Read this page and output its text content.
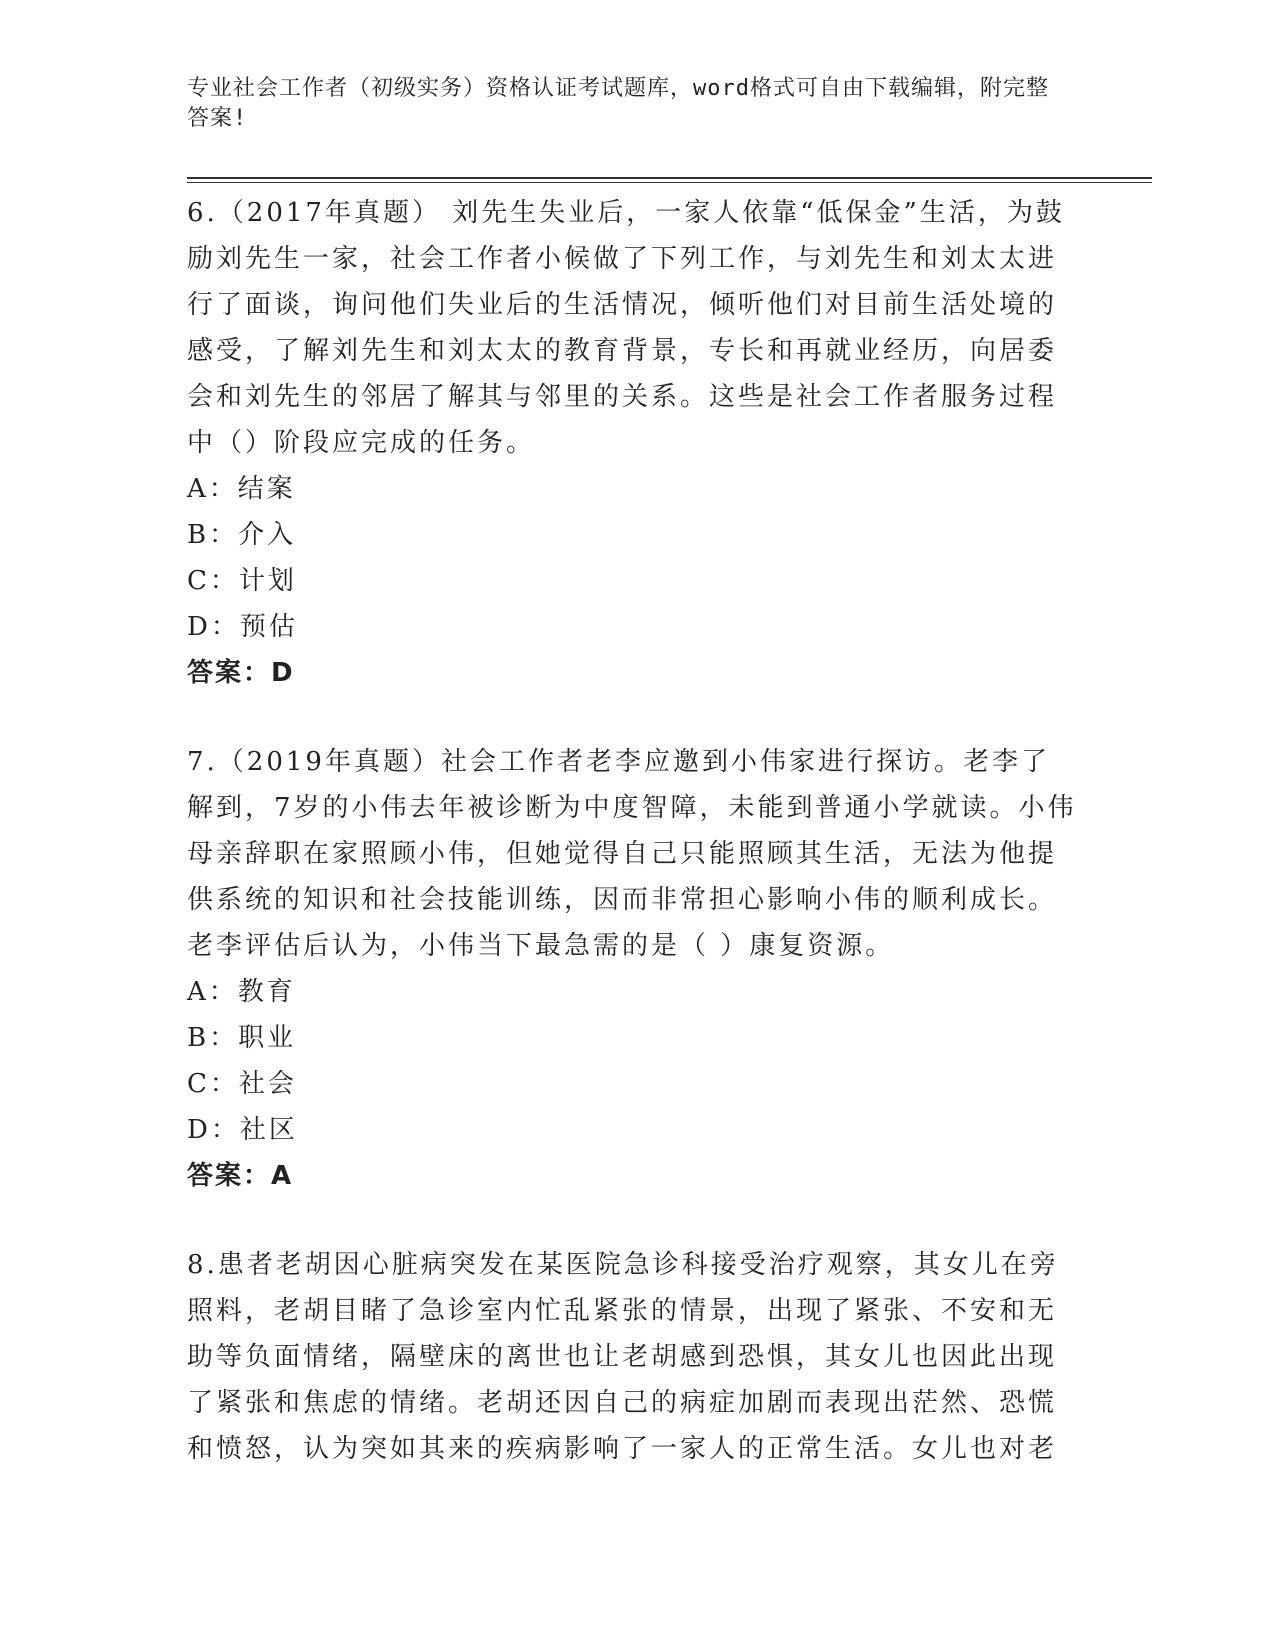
专业社会工作者（初级实务）资格认证考试题库，word格式可自由下载编辑，附完整答案!

6.（2017年真题） 刘先生失业后，一家人依靠“低保金”生活，为鼓励刘先生一家，社会工作者小候做了下列工作，与刘先生和刘太太进行了面谈，询问他们失业后的生活情况，倾听他们对目前生活处境的感受，了解刘先生和刘太太的教育背景，专长和再就业经历，向居委会和刘先生的邻居了解其与邻里的关系。这些是社会工作者服务过程中（）阶段应完成的任务。

A：结案

B：介入

C：计划

D：预估

答案：D

7.（2019年真题）社会工作者老李应邀到小伟家进行探访。老李了解到，7岁的小伟去年被诊断为中度智障，未能到普通小学就读。小伟母亲辞职在家照顾小伟，但她觉得自己只能照顾其生活，无法为他提供系统的知识和社会技能训练，因而非常担心影响小伟的顺利成长。老李评估后认为，小伟当下最急需的是（ ）康复资源。

A：教育

B：职业

C：社会

D：社区

答案：A

8.患者老胡因心脏病突发在某医院急诊科接受治疗观察，其女儿在旁照料，老胡目睹了急诊室内忙乱紧张的情景，出现了紧张、不安和无助等负面情绪，隔壁床的离世也让老胡感到恐惧，其女儿也因此出现了紧张和焦虑的情绪。老胡还因自己的病症加剧而表现出茫然、恐慌和愤怒，认为突如其来的疾病影响了一家人的正常生活。女儿也对老
